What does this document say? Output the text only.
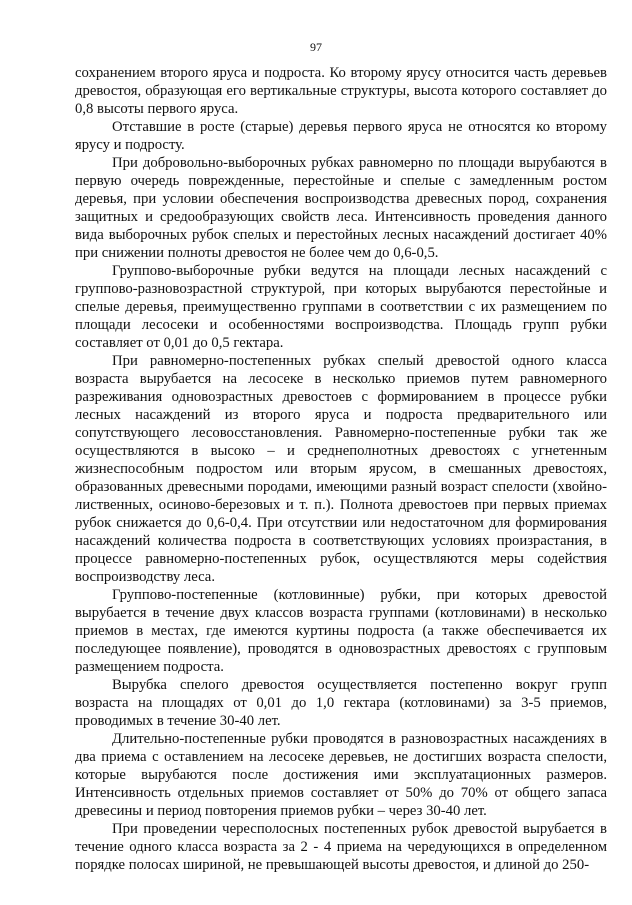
97

сохранением второго яруса и подроста. Ко второму ярусу относится часть деревьев древостоя, образующая его вертикальные структуры, высота которого составляет до 0,8 высоты первого яруса.

Отставшие в росте (старые) деревья первого яруса не относятся ко второму ярусу и подросту.

При добровольно-выборочных рубках равномерно по площади вырубаются в первую очередь поврежденные, перестойные и спелые с замедленным ростом деревья, при условии обеспечения воспроизводства древесных пород, сохранения защитных и средообразующих свойств леса. Интенсивность проведения данного вида выборочных рубок спелых и перестойных лесных насаждений достигает 40% при снижении полноты древостоя не более чем до 0,6-0,5.

Группово-выборочные рубки ведутся на площади лесных насаждений с группово-разновозрастной структурой, при которых вырубаются перестойные и спелые деревья, преимущественно группами в соответствии с их размещением по площади лесосеки и особенностями воспроизводства. Площадь групп рубки составляет от 0,01 до 0,5 гектара.

При равномерно-постепенных рубках спелый древостой одного класса возраста вырубается на лесосеке в несколько приемов путем равномерного разреживания одновозрастных древостоев с формированием в процессе рубки лесных насаждений из второго яруса и подроста предварительного или сопутствующего лесовосстановления. Равномерно-постепенные рубки так же осуществляются в высоко – и среднеполнотных древостоях с угнетенным жизнеспособным подростом или вторым ярусом, в смешанных древостоях, образованных древесными породами, имеющими разный возраст спелости (хвойно-лиственных, осиново-березовых и т. п.). Полнота древостоев при первых приемах рубок снижается до 0,6-0,4. При отсутствии или недостаточном для формирования насаждений количества подроста в соответствующих условиях произрастания, в процессе равномерно-постепенных рубок, осуществляются меры содействия воспроизводству леса.

Группово-постепенные (котловинные) рубки, при которых древостой вырубается в течение двух классов возраста группами (котловинами) в несколько приемов в местах, где имеются куртины подроста (а также обеспечивается их последующее появление), проводятся в одновозрастных древостоях с групповым размещением подроста.

Вырубка спелого древостоя осуществляется постепенно вокруг групп возраста на площадях от 0,01 до 1,0 гектара (котловинами) за 3-5 приемов, проводимых в течение 30-40 лет.

Длительно-постепенные рубки проводятся в разновозрастных насаждениях в два приема с оставлением на лесосеке деревьев, не достигших возраста спелости, которые вырубаются после достижения ими эксплуатационных размеров. Интенсивность отдельных приемов составляет от 50% до 70% от общего запаса древесины и период повторения приемов рубки – через 30-40 лет.

При проведении чересполосных постепенных рубок древостой вырубается в течение одного класса возраста за 2 - 4 приема на чередующихся в определенном порядке полосах шириной, не превышающей высоты древостоя, и длиной до 250-
